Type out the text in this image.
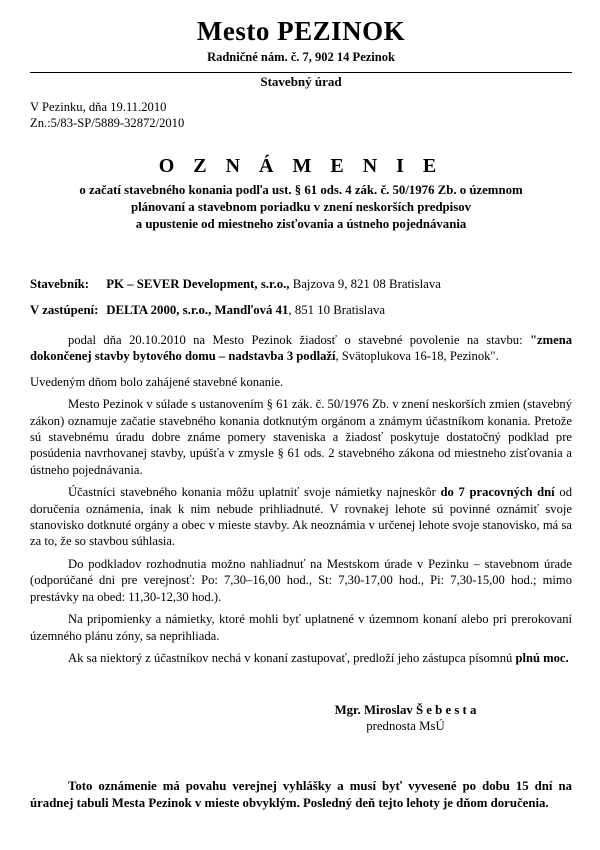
Mesto PEZINOK
Radničné nám. č. 7, 902 14 Pezinok
Stavebný úrad
V Pezinku, dňa 19.11.2010
Zn.:5/83-SP/5889-32872/2010
O Z N Á M E N I E
o začatí stavebného konania podľa ust. § 61 ods. 4 zák. č. 50/1976 Zb. o územnom
plánovaní a stavebnom poriadku v znení neskorších predpisov
a upustenie od miestneho zisťovania a ústneho pojednávania
Stavebník: PK – SEVER Development, s.r.o., Bajzova 9, 821 08 Bratislava
V zastúpení: DELTA 2000, s.r.o., Mandľová 41, 851 10 Bratislava

podal dňa 20.10.2010 na Mesto Pezinok žiadosť o stavebné povolenie na stavbu: "zmena dokončenej stavby bytového domu – nadstavba 3 podlaží, Svätoplukova 16-18, Pezinok".

Uvedeným dňom bolo zahájené stavebné konanie.

Mesto Pezinok v súlade s ustanovením § 61 zák. č. 50/1976 Zb. v znení neskorších zmien (stavebný zákon) oznamuje začatie stavebného konania dotknutým orgánom a známym účastníkom konania. Pretože sú stavebnému úradu dobre známe pomery staveniska a žiadosť poskytuje dostatočný podklad pre posúdenia navrhovanej stavby, upúšťa v zmysle § 61 ods. 2 stavebného zákona od miestneho zisťovania a ústneho pojednávania.

Účastníci stavebného konania môžu uplatniť svoje námietky najneskôr do 7 pracovných dní od doručenia oznámenia, inak k nim nebude prihliadnuté. V rovnakej lehote sú povinné oznámiť svoje stanovisko dotknuté orgány a obec v mieste stavby. Ak neoznámia v určenej lehote svoje stanovisko, má sa za to, že so stavbou súhlasia.

Do podkladov rozhodnutia možno nahliadnuť na Mestskom úrade v Pezinku – stavebnom úrade (odporúčané dni pre verejnosť: Po: 7,30–16,00 hod., St: 7,30-17,00 hod., Pi: 7,30-15,00 hod.; mimo prestávky na obed: 11,30-12,30 hod.).

Na pripomienky a námietky, ktoré mohli byť uplatnené v územnom konaní alebo pri prerokovaní územného plánu zóny, sa neprihliada.

Ak sa niektorý z účastníkov nechá v konaní zastupovať, predloží jeho zástupca písomnú plnú moc.

Mgr. Miroslav Š e b e s t a
prednosta MsÚ

Toto oznámenie má povahu verejnej vyhlášky a musí byť vyvesené po dobu 15 dní na úradnej tabuli Mesta Pezinok v mieste obvyklým. Posledný deň tejto lehoty je dňom doručenia.
